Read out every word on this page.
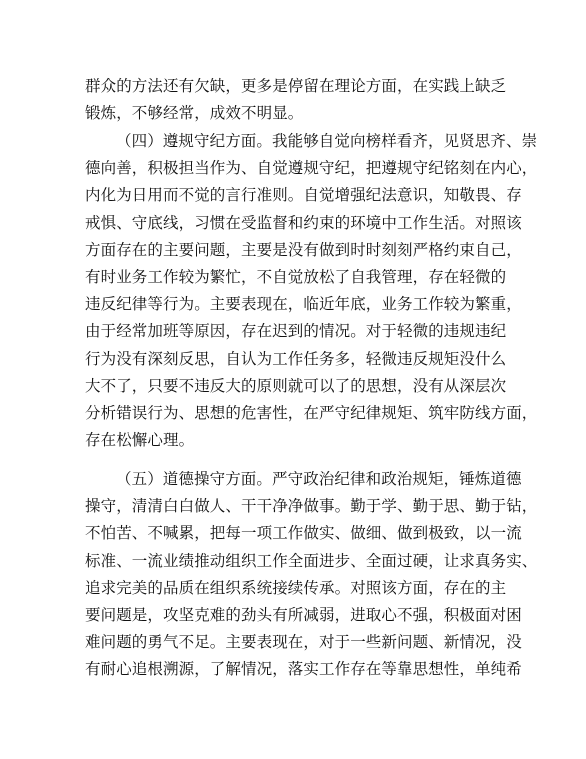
群众的方法还有欠缺，更多是停留在理论方面，在实践上缺乏
锻炼，不够经常，成效不明显。
（四）遵规守纪方面。我能够自觉向榜样看齐，见贤思齐、崇
德向善，积极担当作为、自觉遵规守纪，把遵规守纪铭刻在内心，
内化为日用而不觉的言行准则。自觉增强纪法意识，知敬畏、存
戒惧、守底线，习惯在受监督和约束的环境中工作生活。对照该
方面存在的主要问题，主要是没有做到时时刻刻严格约束自己，
有时业务工作较为繁忙，不自觉放松了自我管理，存在轻微的
违反纪律等行为。主要表现在，临近年底，业务工作较为繁重，
由于经常加班等原因，存在迟到的情况。对于轻微的违规违纪
行为没有深刻反思，自认为工作任务多，轻微违反规矩没什么
大不了，只要不违反大的原则就可以了的思想，没有从深层次
分析错误行为、思想的危害性，在严守纪律规矩、筑牢防线方面，
存在松懈心理。
（五）道德操守方面。严守政治纪律和政治规矩，锤炼道德
操守，清清白白做人、干干净净做事。勤于学、勤于思、勤于钻，
不怕苦、不喊累，把每一项工作做实、做细、做到极致，以一流
标准、一流业绩推动组织工作全面进步、全面过硬，让求真务实、
追求完美的品质在组织系统接续传承。对照该方面，存在的主
要问题是，攻坚克难的劲头有所减弱，进取心不强，积极面对困
难问题的勇气不足。主要表现在，对于一些新问题、新情况，没
有耐心追根溯源，了解情况，落实工作存在等靠思想性，单纯希
